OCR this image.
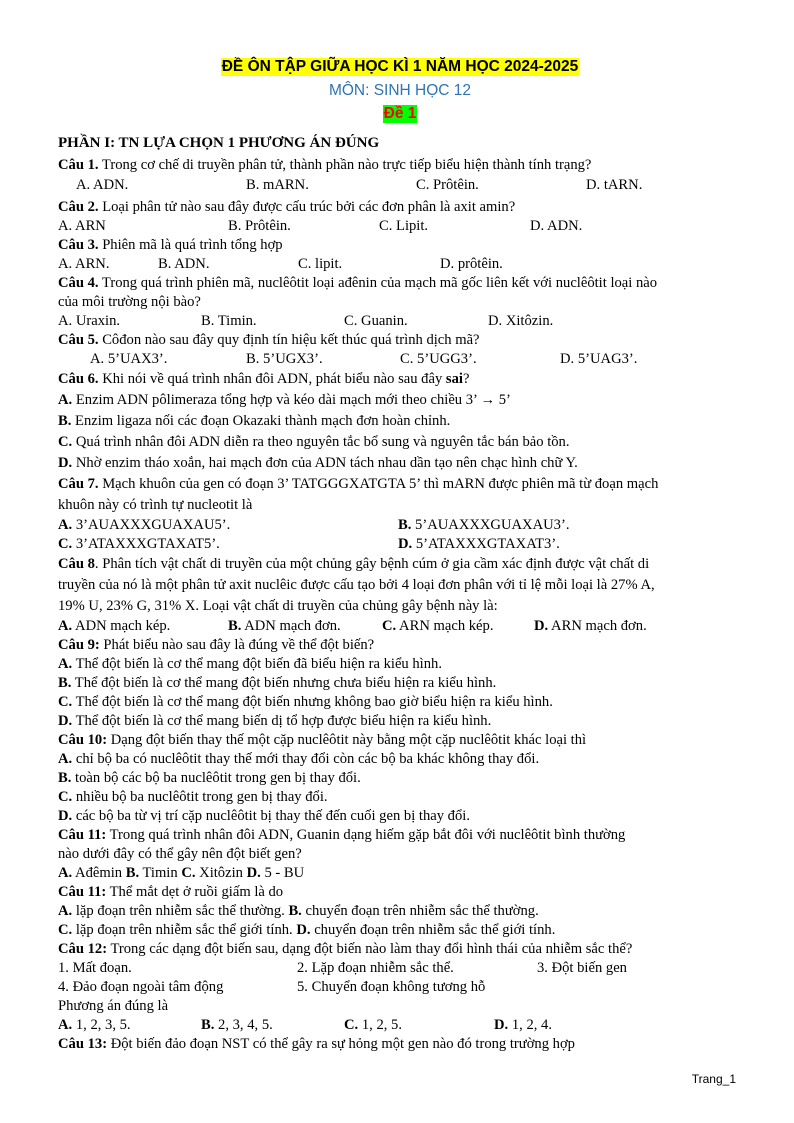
ĐỀ ÔN TẬP GIỮA HỌC KÌ 1 NĂM HỌC 2024-2025
MÔN: SINH HỌC 12
Đề 1
PHẦN I: TN LỰA CHỌN 1 PHƯƠNG ÁN ĐÚNG
Câu 1. Trong cơ chế di truyền phân tử, thành phần nào trực tiếp biểu hiện thành tính trạng?
A. ADN.	B. mARN.	C. Prôtêin.	D. tARN.
Câu 2. Loại phân tử nào sau đây được cấu trúc bởi các đơn phân là axit amin?
A. ARN	B. Prôtêin.	C. Lipit.	D. ADN.
Câu 3. Phiên mã là quá trình tổng hợp
A. ARN.	B. ADN.	C. lipit.	D. prôtêin.
Câu 4. Trong quá trình phiên mã, nuclêôtit loại ađênin của mạch mã gốc liên kết với nuclêôtit loại nào
của môi trường nội bào?
A. Uraxin.	B. Timin.	C. Guanin.	D. Xitôzin.
Câu 5. Côđon nào sau đây quy định tín hiệu kết thúc quá trình dịch mã?
A. 5’UAX3’.	B. 5’UGX3’.	C. 5’UGG3’.	D. 5’UAG3’.
Câu 6. Khi nói về quá trình nhân đôi ADN, phát biểu nào sau đây sai?
A. Enzim ADN pôlimeraza tổng hợp và kéo dài mạch mới theo chiều 3’ → 5’
B. Enzim ligaza nối các đoạn Okazaki thành mạch đơn hoàn chỉnh.
C. Quá trình nhân đôi ADN diễn ra theo nguyên tắc bổ sung và nguyên tắc bán bảo tồn.
D. Nhờ enzim tháo xoắn, hai mạch đơn của ADN tách nhau dần tạo nên chạc hình chữ Y.
Câu 7. Mạch khuôn của gen có đoạn 3’ TATGGGXATGTA 5’ thì mARN được phiên mã từ đoạn mạch
khuôn này có trình tự nucleotit là
A. 3’AUAXXXGUAXAU5’.	B. 5’AUAXXXGUAXAU3’.
C. 3’ATAXXXGTAXAT5’.	D. 5’ATAXXXGTAXAT3’.
Câu 8. Phân tích vật chất di truyền của một chủng gây bệnh cúm ở gia cầm xác định được vật chất di
truyền của nó là một phân tử axit nuclêic được cấu tạo bởi 4 loại đơn phân với tỉ lệ mỗi loại là 27% A,
19% U, 23% G, 31% X. Loại vật chất di truyền của chủng gây bệnh này là:
A. ADN mạch kép.	B. ADN mạch đơn.	C. ARN mạch kép.	D. ARN mạch đơn.
Câu 9: Phát biểu nào sau đây là đúng về thể đột biến?
A. Thể đột biến là cơ thể mang đột biến đã biểu hiện ra kiểu hình.
B. Thể đột biến là cơ thể mang đột biến nhưng chưa biểu hiện ra kiểu hình.
C. Thể đột biến là cơ thể mang đột biến nhưng không bao giờ biểu hiện ra kiểu hình.
D. Thể đột biến là cơ thể mang biến dị tổ hợp được biểu hiện ra kiểu hình.
Câu 10: Dạng đột biến thay thế một cặp nuclêôtit này bằng một cặp nuclêôtit khác loại thì
A. chỉ bộ ba có nuclêôtit thay thế mới thay đổi còn các bộ ba khác không thay đổi.
B. toàn bộ các bộ ba nuclêôtit trong gen bị thay đổi.
C. nhiều bộ ba nuclêôtit trong gen bị thay đổi.
D. các bộ ba từ vị trí cặp nuclêôtit bị thay thế đến cuối gen bị thay đổi.
Câu 11: Trong quá trình nhân đôi ADN, Guanin dạng hiếm gặp bắt đôi với nuclêôtit bình thường
nào dưới đây có thể gây nên đột biết gen?
A. Ađêmin B. Timin C. Xitôzin D. 5 - BU
Câu 11: Thể mắt dẹt ở ruồi giấm là do
A. lặp đoạn trên nhiễm sắc thể thường. B. chuyển đoạn trên nhiễm sắc thể thường.
C. lặp đoạn trên nhiễm sắc thể giới tính. D. chuyển đoạn trên nhiễm sắc thể giới tính.
Câu 12: Trong các dạng đột biến sau, dạng đột biến nào làm thay đổi hình thái của nhiễm sắc thể?
1. Mất đoạn.	2. Lặp đoạn nhiễm sắc thể.	3. Đột biến gen
4. Đảo đoạn ngoài tâm động	5. Chuyển đoạn không tương hỗ
Phương án đúng là
A. 1, 2, 3, 5.	B. 2, 3, 4, 5.	C. 1, 2, 5.	D. 1, 2, 4.
Câu 13: Đột biến đảo đoạn NST có thể gây ra sự hỏng một gen nào đó trong trường hợp
Trang_1
